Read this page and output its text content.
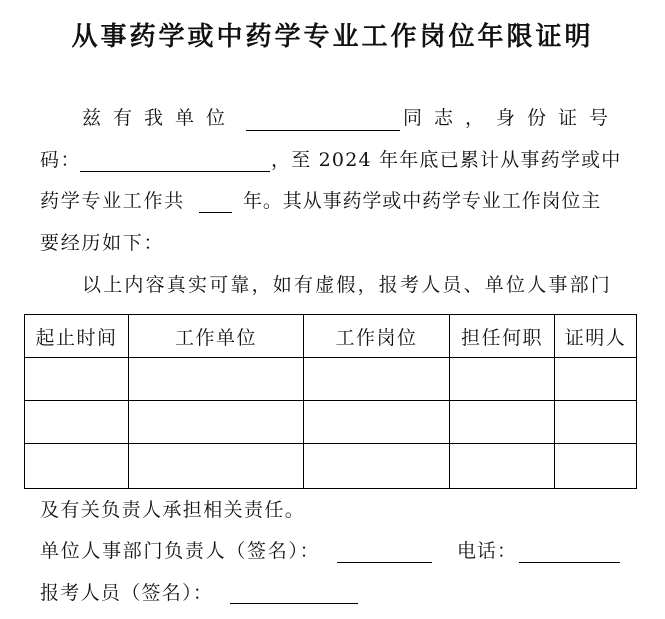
从事药学或中药学专业工作岗位年限证明
兹有我单位	同志，身份证号
码：	，至 2024 年年底已累计从事药学或中
药学专业工作共	年。其从事药学或中药学专业工作岗位主
要经历如下：
以上内容真实可靠，如有虚假，报考人员、单位人事部门
起止时间	工作单位	工作岗位	担任何职	证明人

及有关负责人承担相关责任。
单位人事部门负责人（签名）：	电话：
报考人员（签名）：
